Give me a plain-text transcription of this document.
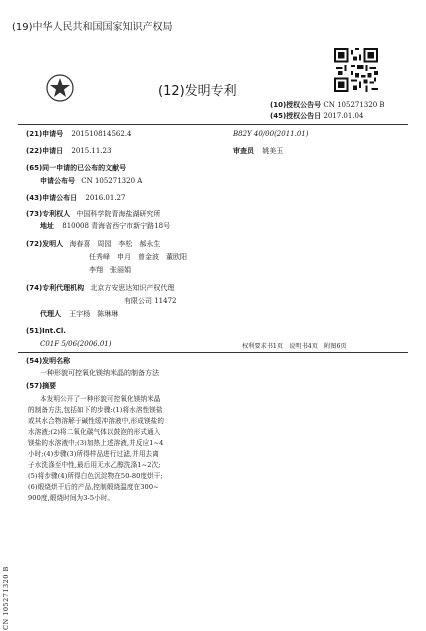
(19)中华人民共和国国家知识产权局
(12)发明专利
(10)授权公告号 CN 105271320 B
(45)授权公告日 2017.01.04
(21)申请号 201510814562.4
(22)申请日 2015.11.23
(65)同一申请的已公布的文献号
申请公布号 CN 105271320 A
(43)申请公布日 2016.01.27
(73)专利权人 中国科学院青海盐湖研究所
地址 810008 青海省西宁市新宁路18号
(72)发明人 海春喜　周园　李松　郝永生
任秀峰　申月　曾金波　董欧阳
李翔　张丽娟
(74)专利代理机构 北京方安思达知识产权代理
有限公司 11472
代理人 王宇杨　陈琳琳
(51)Int.Cl.
C01F 5/06(2006.01)
B82Y 40/00(2011.01)
审查员 姚美玉
权利要求书1页　说明书4页　附图6页
(54)发明名称
一种形貌可控氧化镁纳米晶的制备方法
(57)摘要
本发明公开了一种形貌可控氧化镁纳米晶
的制备方法,包括如下的步骤:(1)将水溶性镁盐
或其水合物溶解于碱性缓冲溶液中,形成镁盐的
水溶液;(2)将二氧化碳气体以鼓泡的形式通入
镁盐的水溶液中;(3)加热上述溶液,并反应1~4
小时;(4)步骤(3)所得样品进行过滤,并用去离
子水洗涤至中性,最后用无水乙醇洗涤1~2次;
(5)将步骤(4)所得白色沉淀物在50-80度烘干;
(6)煅烧烘干后的产品,控制煅烧温度在300~
900度,煅烧时间为3-5小时。
CN 105271320 B
